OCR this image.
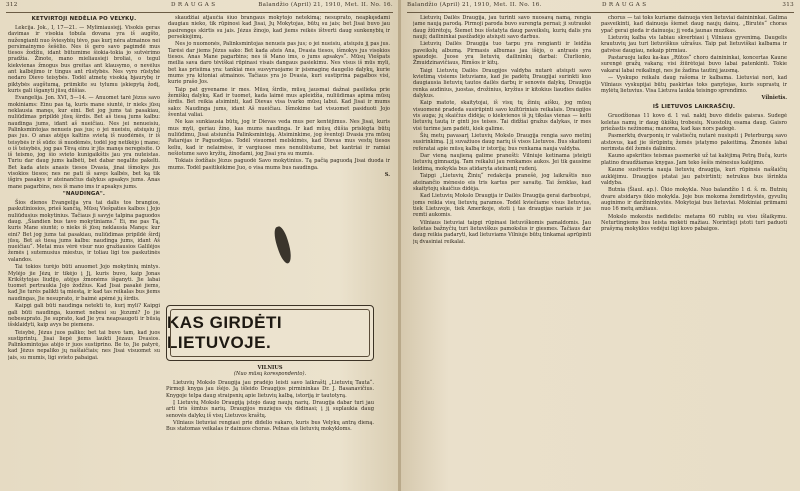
312	D R A U G A S	Balandžio (April) 21, 1910, Met. II. No. 16.
KETVIRTOJI NEDĖLIA PO VELYKŲ.

Lekcija. Jok., I, 17—21. — Mylimiausiejį. Visokis geras davimas ir visokia tobula dovana yra iš augšto, nužengianti nuo šviesybių tėvo, pas kurį nėra atmainos nei persimainymo šešėlio. Nes iš gero savo pagimdė mus tiesos žodžiu, idant būtumime šiokia-tokia jo sutvėrimo pradžia. Žinote, mano mieliausieji broliai, o tegul kiekvienas žmogus bus greitas ant klausymo, o nevėlus ant kalbėjimo ir tingus ant rūstybės. Nes vyro rūstybė nedaro Dievo teisybės. Todėl atmetę visokią bjaurybę ir piktybės augštumą, priimkite su tylumu įskiepytą žodį, kuris gali išganyti jūsų dūšias.

Evangelija. Jon. XVI, 5—14. — Anuomet tarė Jėzus savo mokiniams: Einu pas tą, kuris mane siuntė, ir nieks jūsų neklausia manęs, kur eini. Bet jog jums tai pasakiau, nuliūdimas pripildė jūsų širdis. Bet aš tiesą jums kalbu: naudinga jums, idant aš nueičiau. Nes jei nenueisiu, Palinksmintojas nenueis pas jus; o jei nueisiu, atsiųsiu jį pas jus. O anas atėjęs kaltins svietą iš nuodėmės, ir iš teisybės ir iš sūdo: iš nuodėmės, todėl jog netikėjo į mane; o iš teisybės, jog pas Tėvą einu ir jūs manęs neregėsite. O iš teismo, jog šio svieto kunigaikštis jau yra nuteistas. Turiu dar daug jums kalbėti, bet dabar negalite pakelti. Bet kada ateis anasis tiesos Dvasia, jinai išmokys jus visokios tiesos; nes ne pati iš savęs kalbės, bet ką tik išgirs pasakys ir ateinančius dalykus apsakys jums. Anas mane pagarbins, nes iš mano ims ir apsakys jums.

"NAUDINGA".

Šios dienos Evangelija yra tai dalis tos brangios, paskutiniosios, prieš kančią, Mūsų Viešpaties kalbos į Jojo nuliūdusius mokytinius. Tačiaus ji savyje talpina paguodos daug. „Šiandien bus tavo mokytiniams.“ Ei, me pas Tą, kuris Mane siuntė; o nieks iš jūsų neklausia Manęs: kur eini? Bet jog jums tai pasakiau, nuliūdimas pripildė širdį jūsų. Bet aš tiesą jums kalbu: naudinga jums, idant Aš nueičiau“. Metai mus vėrė visur nuo gražiausios Galilėjos žemės į sutemusius miestus, ir toliau ligi tos paskutinės valandos.

Tai tokios turėjo būti anuomet Jojo mokytinių mintys. Mylėjo jie Jėzų ir tikėjo į Jį, kuris buvo, kaip Jonas Krikštytojas liudijo, atėjęs žmonėms išganyti. Jie labai tuomet pertraukia Jojo žodžius. Kad Jisai pasakė jiems, kad Jie turės palikti tą miestą, ir kad tas reikalas bus jiems naudingas, Jie nesuprato, ir baimė apėmė jų širdis.

Kaipgi gali būti naudinga netekti to, kurį myli? Kaipgi gali būti naudinga, kuomet nebesi su Jėzumi? Jo jie nebesuprato. Jie suprato, kad Jie yra neapsaugoti ir būsią išsklaidyti, kaip avys be piemens.

Teisybė, Jėzus juos paliko; bet tai buvo tam, kad juos sustiprintų. Jisai liepė jiems laukti Jėzaus Dvasios. Palinksmintojas atėjo ir juos sustiprino. Be to, Jie patyrė, kad Jėzus nepaliko jų našlaičiais; nes Jisai visuomet su jais, su mumis, ligi svieto pabaigai.

skaudžiai atjaučia šiuo brangaus mokytojo netekimą; nesuprato, neapkęsdami daugiau nieko, tik rūpinosi kad Jisai, Jų Mokytojas, būtų su jais; bet Jisai buvo jau pasirengęs skirtis su jais. Jėzus žinojo, kad jiems reikės ištverti daug sunkenybių ir persekiojimų.

Nes jo nuomonės, Palinksmintojas nenueis pas jus; o jei nueisiu, atsiųsiu jį pas jus. Tarėsi dar jiems Jėzus sako: Bet kada ateis Ana, Dvasia tiesos, išmokys jus visokios tiesos. Anas Mane pagarbins; nes iš Mano ims, o jums apsakys“. Mūsų Viešpats meilia sava daro tėviškai rūpinasi visais dangaus pasiekimu. Nes visus iš mūs myli, bet kas prisiima yra: tankiai mes susvyruojame ir įsismaginę daugelio dalykų, kurie mums yra kitoniai atmainos. Tačiaus yra jo Dvasia, kuri sustiprina pagalbos visi, kurie prašo Jos.

Taip pat gyvename ir mes. Mūsų širdis, mūsų jausmai dažnai pasilieka prie žemiškų dalykų. Kad ir tuomet, kada laimė mus apleidžia, nuliūdimas apima mūsų širdis. Bet reikia atsiminti, kad Dievas visa tvarko mūsų labui. Kad Jisai ir mums sako: Naudinga jums, idant Aš nueičiau. Išmokime tad visuomet pasiduoti Jojo šventai valiai.

Ne kas sunkiausia būtų, jog ir Dievas veda mus per kentėjimus. Nes Jisai, kuris mus myli, geriau žino, kas mums naudinga. Ir kad mūsų dūšia prislėgta būtų nuliūdimu, Jisai atsiunčia Palinksmintoją. Atsiminkime, jog šventoji Dvasia yra mūsų Patarėjas ir Paguodėjas. Todėl visuomet melskimės, kad Dievas mus vestų tiesos keliu, kad ir nelaimėse, ir vargiuose mes nenuliūstume, bet kantriai ir ramiai nešiotume savo kryžių, žinodami, jog Jisai yra su mumis.

Tokiais žodžiais Jėzus paguodė Savo mokytinius. Tą pačią paguodą Jisai duoda ir mums. Todėl pasitikėkime Juo, o visa mums bus naudinga.

S.
KAS GIRDĖTI LIETUVOJE.
VILNIUS
(Nuo mūsų korespondento).

Lietuvių Mokslo Draugija jau pradėjo leisti savo laikraštį „Lietuvių Tauta“. Pirmoji knyga jau išėjo. Ją išleido Draugijos pirmininkas Dr. J. Basanavičius. Knygoje telpa daug straipsnių apie lietuvių kalbą, istoriją ir tautotyrą.

Į Lietuvių Mokslo Draugiją įstojo daug naujų narių. Draugija dabar turi jau arti tris šimtus narių. Draugijos muziejus vis didinasi; į jį suplaukia daug senovės dalykų iš visų Lietuvos kraštų.

Vilniaus lietuviai rengiasi prie didelio vakaro, kuris bus Velykų antrą dieną. Bus statomas veikalas ir dainuos choras. Pelnas eis lietuvių mokykloms.

Balandžio (April) 21, 1910, Met. II. No. 16.	D R A U G A S	313

Lietuvių Dailės Draugija, jau turinti savo nuosavą namą, rengia jame naują parodą. Pirmoji paroda buvo surengta pernai; ji sutraukė daug žiūrėtojų. Šiemet bus išstatyta daug paveikslų, kurių dalis yra nauji; dailininkai pasižadėjo atsiųsti savo darbus.

Lietuvių Dailės Draugija tuo tarpu yra rengianti ir leidžia paveikslų albumą. Pirmasis albumas jau išėjo, o antrasis yra spaudoje. Juose yra lietuvių dailininkų darbai: Čiurlionio, Žmuidzinavičiaus, Rimšos ir kitų.

Taigi Lietuvių Dailės Draugijos valdyba nutarė atsiųsti savo kvietimą visiems lietuviams, kad jie padėtų Draugijai surinkti kuo daugiausia lietuvių tautos dailės darbų ir senovės dalykų. Draugija renka audinius, juostas, drožinius, kryžius ir kitokius liaudies dailės dalykus.

Kaip matote, skaitytojai, iš visų tų žinių aišku, jog mūsų visuomenė pradeda susirūpinti savo kultūriniais reikalais. Draugijos vis auga; jų skaičius didėja; o kiekvienos iš jų tikslas vienas — kelti lietuvių tautą ir ginti jos teises. Tai didžiai gražus dalykas, ir mes visi turime jam padėti, kiek galime.

Šių metų pavasarį Lietuvių Mokslo Draugija rengia savo metinį susirinkimą. Į jį suvažiuos daug narių iš visos Lietuvos. Bus skaitomi referatai apie mūsų kalbą ir istoriją; bus renkama nauja valdyba.

Dar vieną naujieną galime pranešti: Vilniuje ketinama įsteigti lietuvių gimnaziją. Tam reikalui jau renkamos aukos. Jei tik gausime leidimą, mokykla bus atidaryta ateinantį rudenį.

Taipgi „Lietuvių Žinių“ redakcija pranešė, jog laikraštis nuo ateinančio mėnesio eis tris kartus per savaitę. Tai ženklas, kad skaitytojų skaičius didėja.

Kad Lietuvių Mokslo Draugija ir Dailės Draugija gerai darbuotųsi, joms reikia visų lietuvių paramos. Todėl kviečiame visus lietuvius, tiek Lietuvoje, tiek Amerikoje, stoti į tas draugijas nariais ir jas remti aukomis.

Vilniaus lietuviai taipgi rūpinasi lietuviškomis pamaldomis. Jau keletas bažnyčių turi lietuviškus pamokslus ir giesmes. Tačiaus dar daug reikia padaryti, kad lietuviams Vilniuje būtų tinkamai aprūpinti jų dvasiniai reikalai.

chorus — tai toks kuriame dainuoja vien lietuviai dainininkai. Galima pasveikinti, kad dainuoja šiemet daug naujų dainų. „Birutės“ choras ypač gerai gieda ir dainuoja; jį veda jaunas muzikas.

Lietuvių kalba vis labiau skverbiasi į Vilniaus gyvenimą. Daugelis krautuvių jau turi lietuviškus užrašus. Taip pat lietuviškai kalbama ir gatvėse daugiau, nekaip pirmiau.

Pastaruoju laiku ka-kas „Rūtos“ choro dainininkai, koncertas Kaune surengė gražų vakarą; visi žiūrėtojai buvo labai patenkinti. Tokie vakarai labai reikalingi, nes jie žadina tautinį jausmą.

— Vyskupo reikalu daug rašoma ir kalbama. Lietuviai nori, kad Vilniaus vyskupijai būtų paskirtas toks ganytojas, kuris suprastų ir mylėtų lietuvius. Visa Lietuva laukia teisingo sprendimo.

Vilnietis.
IŠ LIETUVOS LAIKRAŠČIŲ.

Gruodžionas 11 kovo d. 1 val. naktį buvo didelis gaisras. Sudegė keletas namų ir daug ūkiškų trobesių. Nuostolių esama daug. Gaisro priežastis nežinoma; manoma, kad kas nors padegė.

Pasmerktų dvarponių ir valstiečių nutarė nusiųsti į Peterburgą savo atstovus, kad jie išrūpintų žemės įstatymo pakeitimą. Žmonės labai nerimsta dėl žemės dalinimo.

Kauno apskrities teismas pasmerkė už tai kalėjimą Petrą Bučą, kuris platino draudžiamas knygas. Jam teko šešis mėnesius kalėjimo.

Kaune susitveria nauja lietuvių draugija, kuri rūpinsis našlaičių auklėjimu. Draugijos įstatai jau patvirtinti; netrukus bus išrinkta valdyba.

Butnia (Šiaul. ap.). Ūkio mokykla. Nuo balandžio 1 d. š. m. Butnių dvare atsidarys ūkio mokykla. Joje bus mokoma žemdirbystės, gyvulių auginimo ir daržininkystės. Mokytojai bus lietuviai. Mokiniai priimami nuo 16 metų amžiaus.

Mokslo mokestis nedidelis: metams 60 rublių su visu išlaikymu. Neturtingiems bus leista mokėti mažiau. Norintieji įstoti turi paduoti prašymą mokyklos vedėjui ligi kovo pabaigos.
